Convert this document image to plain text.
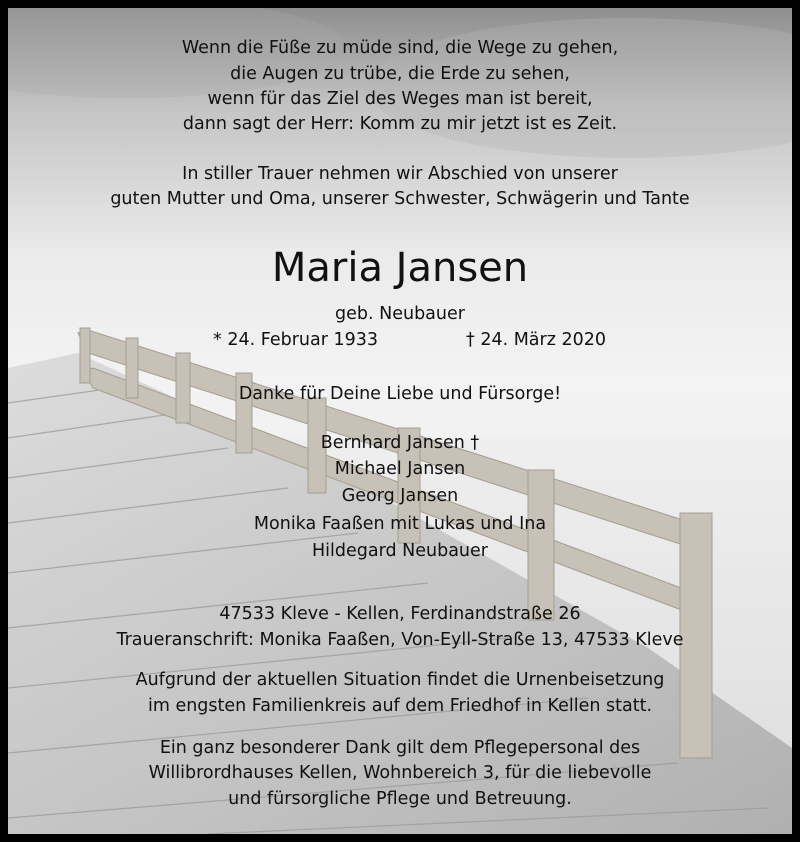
Wenn die Füße zu müde sind, die Wege zu gehen,
die Augen zu trübe, die Erde zu sehen,
wenn für das Ziel des Weges man ist bereit,
dann sagt der Herr: Komm zu mir jetzt ist es Zeit.
In stiller Trauer nehmen wir Abschied von unserer
guten Mutter und Oma, unserer Schwester, Schwägerin und Tante
Maria Jansen
geb. Neubauer
* 24. Februar 1933	† 24. März 2020
Danke für Deine Liebe und Fürsorge!
Bernhard Jansen †
Michael Jansen
Georg Jansen
Monika Faaßen mit Lukas und Ina
Hildegard Neubauer
47533 Kleve - Kellen, Ferdinandstraße 26
Traueranschrift: Monika Faaßen, Von-Eyll-Straße 13, 47533 Kleve
Aufgrund der aktuellen Situation findet die Urnenbeisetzung
im engsten Familienkreis auf dem Friedhof in Kellen statt.
Ein ganz besonderer Dank gilt dem Pflegepersonal des
Willibrordhauses Kellen, Wohnbereich 3, für die liebevolle
und fürsorgliche Pflege und Betreuung.
